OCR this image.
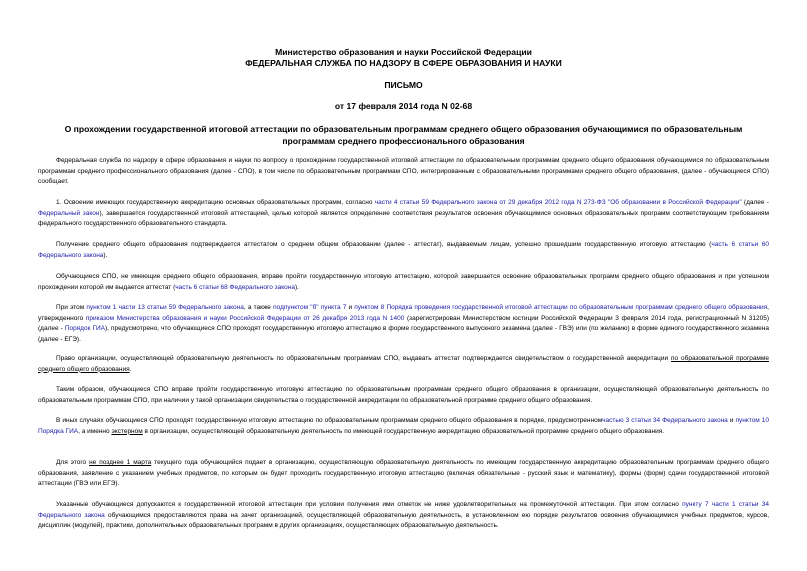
Министерство образования и науки Российской Федерации
ФЕДЕРАЛЬНАЯ СЛУЖБА ПО НАДЗОРУ В СФЕРЕ ОБРАЗОВАНИЯ И НАУКИ
ПИСЬМО
от 17 февраля 2014 года N 02-68
О прохождении государственной итоговой аттестации по образовательным программам среднего общего образования обучающимися по образовательным программам среднего профессионального образования
Федеральная служба по надзору в сфере образования и науки по вопросу о прохождении государственной итоговой аттестации по образовательным программам среднего общего образования обучающимися по образовательным программам среднего профессионального образования (далее - СПО), в том числе по образовательным программам СПО, интегрированным с образовательными программами среднего общего образования, (далее - обучающиеся СПО) сообщает.
1. Освоение имеющих государственную аккредитацию основных образовательных программ, согласно части 4 статьи 59 Федерального закона от 29 декабря 2012 года N 273-ФЗ "Об образовании в Российской Федерации" (далее - Федеральный закон), завершается государственной итоговой аттестацией, целью которой является определение соответствия результатов освоения обучающимися основных образовательных программ соответствующим требованиям федерального государственного образовательного стандарта.
Получение среднего общего образования подтверждается аттестатом о среднем общем образовании (далее - аттестат), выдаваемым лицам, успешно прошедшим государственную итоговую аттестацию (часть 6 статьи 60 Федерального закона).
Обучающиеся СПО, не имеющие среднего общего образования, вправе пройти государственную итоговую аттестацию, которой завершается освоение образовательных программ среднего общего образования и при успешном прохождении которой им выдается аттестат (часть 6 статьи 68 Федерального закона).
При этом пунктом 1 части 13 статьи 59 Федерального закона, а также подпунктом "б" пункта 7 и пунктом 8 Порядка проведения государственной итоговой аттестации по образовательным программам среднего общего образования, утвержденного приказом Министерства образования и науки Российской Федерации от 26 декабря 2013 года N 1400 (зарегистрирован Министерством юстиции Российской Федерации 3 февраля 2014 года, регистрационный N 31205) (далее - Порядок ГИА), предусмотрено, что обучающиеся СПО проходят государственную итоговую аттестацию в форме государственного выпускного экзамена (далее - ГВЭ) или (по желанию) в форме единого государственного экзамена (далее - ЕГЭ).
Право организации, осуществляющей образовательную деятельность по образовательным программам СПО, выдавать аттестат подтверждается свидетельством о государственной аккредитации по образовательной программе среднего общего образования.
Таким образом, обучающиеся СПО вправе пройти государственную итоговую аттестацию по образовательным программам среднего общего образования в организации, осуществляющей образовательную деятельность по образовательным программам СПО, при наличии у такой организации свидетельства о государственной аккредитации по образовательной программе среднего общего образования.
В иных случаях обучающиеся СПО проходят государственную итоговую аттестацию по образовательным программам среднего общего образования в порядке, предусмотренномчастью 3 статьи 34 Федерального закона и пунктом 10 Порядка ГИА, а именно экстерном в организации, осуществляющей образовательную деятельность по имеющей государственную аккредитацию образовательной программе среднего общего образования.
Для этого не позднее 1 марта текущего года обучающийся подает в организацию, осуществляющую образовательную деятельность по имеющим государственную аккредитацию образовательным программам среднего общего образования, заявление с указанием учебных предметов, по которым он будет проходить государственную итоговую аттестацию (включая обязательные - русский язык и математику), формы (форм) сдачи государственной итоговой аттестации (ГВЭ или ЕГЭ).
Указанные обучающиеся допускаются к государственной итоговой аттестации при условии получения ими отметок не ниже удовлетворительных на промежуточной аттестации. При этом согласно пункту 7 части 1 статьи 34 Федерального закона обучающимся предоставляются права на зачет организацией, осуществляющей образовательную деятельность, в установленном ею порядке результатов освоения обучающимися учебных предметов, курсов, дисциплин (модулей), практики, дополнительных образовательных программ в других организациях, осуществляющих образовательную деятельность.
